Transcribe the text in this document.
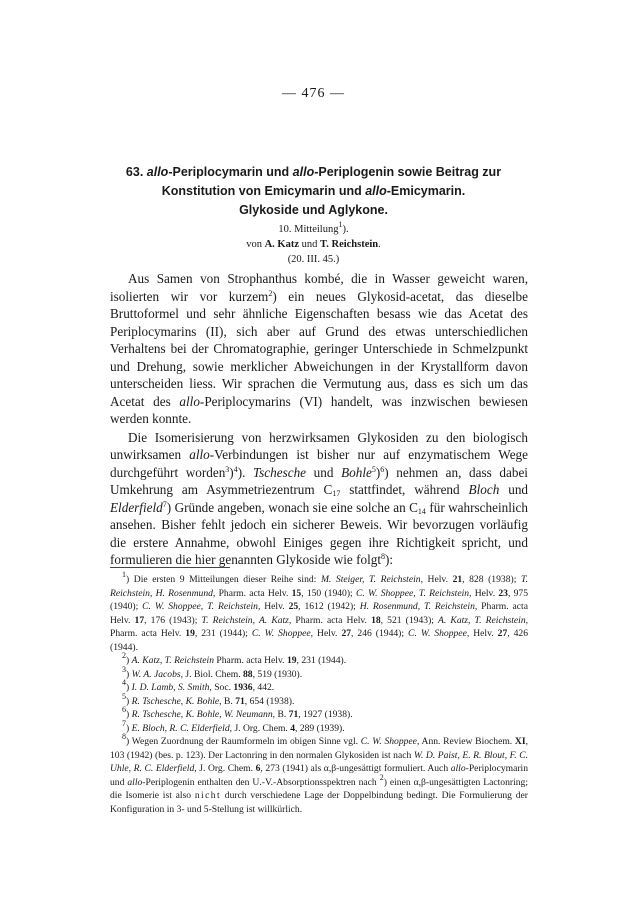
— 476 —

63. allo-Periplocymarin und allo-Periplogenin sowie Beitrag zur

Konstitution von Emicymarin und allo-Emicymarin.

Glykoside und Aglykone.

10. Mitteilung$^1$).

von A. Katz und T. Reichstein.

(20. III. 45.)

Aus Samen von Strophanthus kombé, die in Wasser geweicht waren, isolierten wir vor kurzem$^2$) ein neues Glykosid-acetat, das dieselbe Bruttoformel und sehr ähnliche Eigenschaften besass wie das Acetat des Periplocymarins (II), sich aber auf Grund des etwas unterschiedlichen Verhaltens bei der Chromatographie, geringer Unterschiede in Schmelzpunkt und Drehung, sowie merklicher Abweichungen in der Krystallform davon unterscheiden liess. Wir sprachen die Vermutung aus, dass es sich um das Acetat des allo-Periplocymarins (VI) handelt, was inzwischen bewiesen werden konnte.

Die Isomerisierung von herzwirksamen Glykosiden zu den biologisch unwirksamen allo-Verbindungen ist bisher nur auf enzymatischem Wege durchgeführt worden$^3$)$^4$). Tschesche und Bohle$^5$)$^6$) nehmen an, dass dabei Umkehrung am Asymmetriezentrum $C_{17}$ stattfindet, während Bloch und Elderfield$^7$) Gründe angeben, wonach sie eine solche an $C_{14}$ für wahrscheinlich ansehen. Bisher fehlt jedoch ein sicherer Beweis. Wir bevorzugen vorläufig die erstere Annahme, obwohl Einiges gegen ihre Richtigkeit spricht, und formulieren die hier genannten Glykoside wie folgt$^8$):

$^1$) Die ersten 9 Mitteilungen dieser Reihe sind: M. Steiger, T. Reichstein, Helv. 21, 828 (1938); T. Reichstein, H. Rosenmund, Pharm. acta Helv. 15, 150 (1940); C. W. Shoppee, T. Reichstein, Helv. 23, 975 (1940); C. W. Shoppee, T. Reichstein, Helv. 25, 1612 (1942); H. Rosenmund, T. Reichstein, Pharm. acta Helv. 17, 176 (1943); T. Reichstein, A. Katz, Pharm. acta Helv. 18, 521 (1943); A. Katz, T. Reichstein, Pharm. acta Helv. 19, 231 (1944); C. W. Shoppee, Helv. 27, 246 (1944); C. W. Shoppee, Helv. 27, 426 (1944).

$^2$) A. Katz, T. Reichstein Pharm. acta Helv. 19, 231 (1944).

$^3$) W. A. Jacobs, J. Biol. Chem. 88, 519 (1930).

$^4$) I. D. Lamb, S. Smith, Soc. 1936, 442.

$^5$) R. Tschesche, K. Bohle, B. 71, 654 (1938).

$^6$) R. Tschesche, K. Bohle, W. Neumann, B. 71, 1927 (1938).

$^7$) E. Bloch, R. C. Elderfield, J. Org. Chem. 4, 289 (1939).

$^8$) Wegen Zuordnung der Raumformeln im obigen Sinne vgl. C. W. Shoppee, Ann. Review Biochem. XI, 103 (1942) (bes. p. 123). Der Lactonring in den normalen Glykosiden ist nach W. D. Paist, E. R. Blout, F. C. Uhle, R. C. Elderfield, J. Org. Chem. 6, 273 (1941) als α,β-ungesättigt formuliert. Auch allo-Periplocymarin und allo-Periplogenin enthalten den U.-V.-Absorptionsspektren nach $^2$) einen α,β-ungesättigten Lactonring; die Isomerie ist also nicht durch verschiedene Lage der Doppelbindung bedingt. Die Formulierung der Konfiguration in 3- und 5-Stellung ist willkürlich.
